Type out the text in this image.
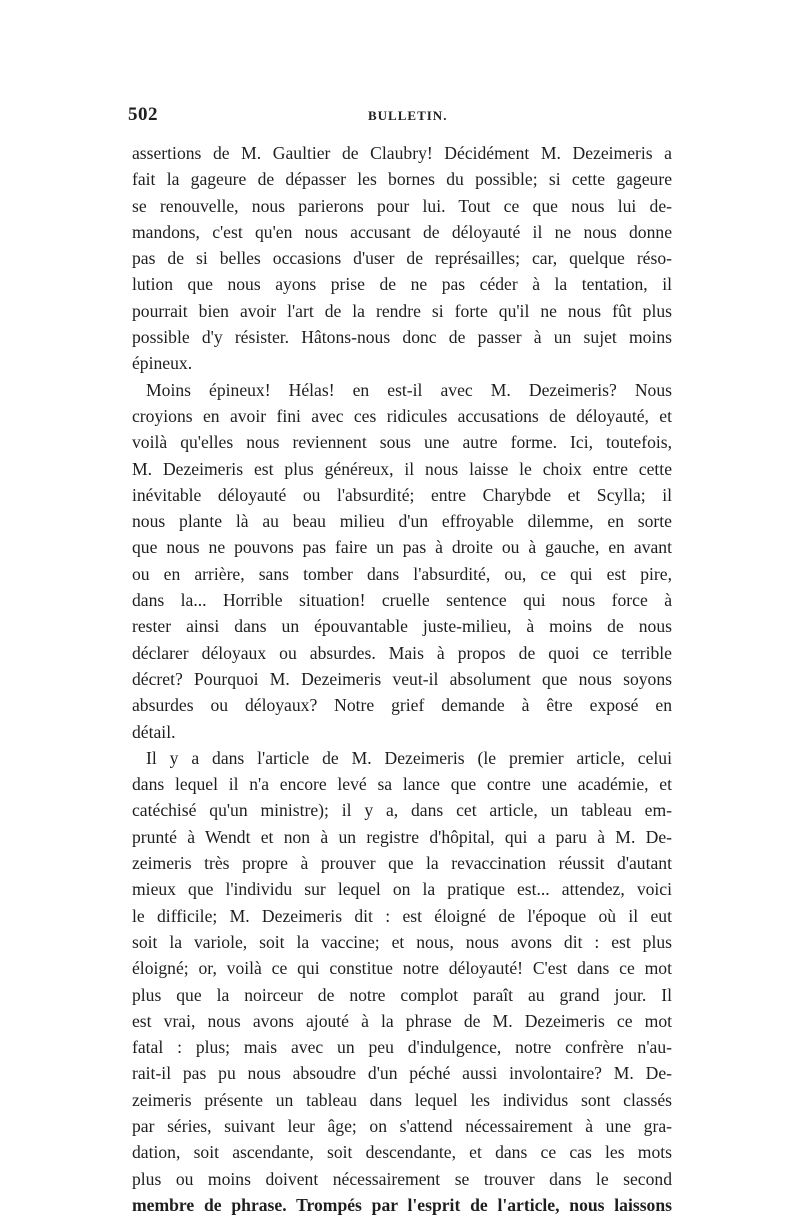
502	BULLETIN.
assertions de M. Gaultier de Claubry! Décidément M. Dezeimeris a
fait la gageure de dépasser les bornes du possible; si cette gageure
se renouvelle, nous parierons pour lui. Tout ce que nous lui de-
mandons, c'est qu'en nous accusant de déloyauté il ne nous donne
pas de si belles occasions d'user de représailles; car, quelque réso-
lution que nous ayons prise de ne pas céder à la tentation, il
pourrait bien avoir l'art de la rendre si forte qu'il ne nous fût plus
possible d'y résister. Hâtons-nous donc de passer à un sujet moins
épineux.
Moins épineux! Hélas! en est-il avec M. Dezeimeris? Nous
croyions en avoir fini avec ces ridicules accusations de déloyauté, et
voilà qu'elles nous reviennent sous une autre forme. Ici, toutefois,
M. Dezeimeris est plus généreux, il nous laisse le choix entre cette
inévitable déloyauté ou l'absurdité; entre Charybde et Scylla; il
nous plante là au beau milieu d'un effroyable dilemme, en sorte
que nous ne pouvons pas faire un pas à droite ou à gauche, en avant
ou en arrière, sans tomber dans l'absurdité, ou, ce qui est pire,
dans la... Horrible situation! cruelle sentence qui nous force à
rester ainsi dans un épouvantable juste-milieu, à moins de nous
déclarer déloyaux ou absurdes. Mais à propos de quoi ce terrible
décret? Pourquoi M. Dezeimeris veut-il absolument que nous soyons
absurdes ou déloyaux? Notre grief demande à être exposé en
détail.
Il y a dans l'article de M. Dezeimeris (le premier article, celui
dans lequel il n'a encore levé sa lance que contre une académie, et
catéchisé qu'un ministre); il y a, dans cet article, un tableau em-
prunté à Wendt et non à un registre d'hôpital, qui a paru à M. De-
zeimeris très propre à prouver que la revaccination réussit d'autant
mieux que l'individu sur lequel on la pratique est... attendez, voici
le difficile; M. Dezeimeris dit : est éloigné de l'époque où il eut
soit la variole, soit la vaccine; et nous, nous avons dit : est plus
éloigné; or, voilà ce qui constitue notre déloyauté! C'est dans ce mot
plus que la noirceur de notre complot paraît au grand jour. Il
est vrai, nous avons ajouté à la phrase de M. Dezeimeris ce mot
fatal : plus; mais avec un peu d'indulgence, notre confrère n'au-
rait-il pas pu nous absoudre d'un péché aussi involontaire? M. De-
zeimeris présente un tableau dans lequel les individus sont classés
par séries, suivant leur âge; on s'attend nécessairement à une gra-
dation, soit ascendante, soit descendante, et dans ce cas les mots
plus ou moins doivent nécessairement se trouver dans le second
membre de phrase. Trompés par l'esprit de l'article, nous laissons
